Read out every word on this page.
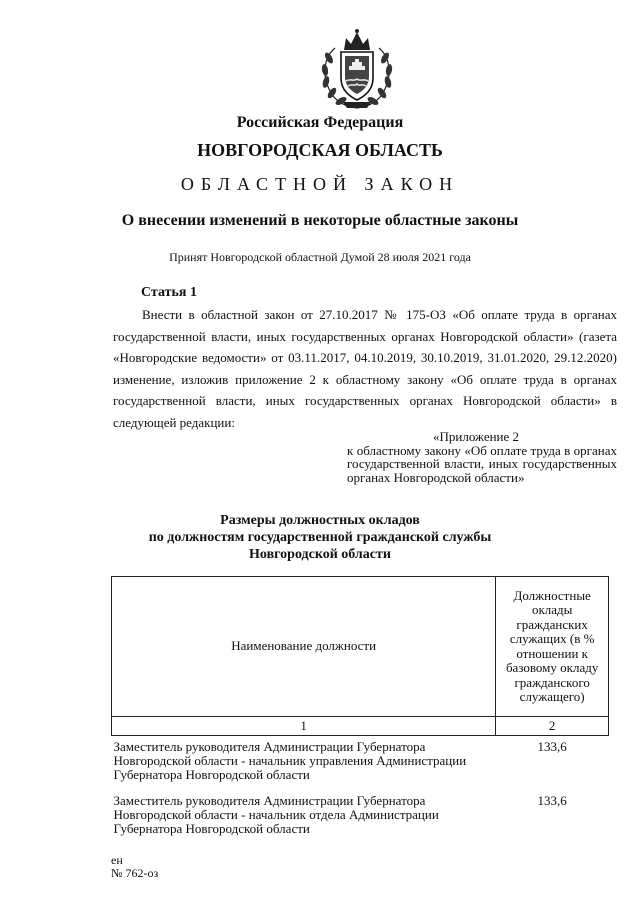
Российская Федерация
НОВГОРОДСКАЯ ОБЛАСТЬ
ОБЛАСТНОЙ ЗАКОН
О внесении изменений в некоторые областные законы
Принят Новгородской областной Думой 28 июля 2021 года
Статья 1
Внести в областной закон от 27.10.2017 № 175-ОЗ «Об оплате труда в органах государственной власти, иных государственных органах Новгородской области» (газета «Новгородские ведомости» от 03.11.2017, 04.10.2019, 30.10.2019, 31.01.2020, 29.12.2020) изменение, изложив приложение 2 к областному закону «Об оплате труда в органах государственной власти, иных государственных органах Новгородской области» в следующей редакции:
«Приложение 2
к областному закону «Об оплате труда в органах государственной власти, иных государственных органах Новгородской области»
Размеры должностных окладов
по должностям государственной гражданской службы
Новгородской области
Наименование должности	Должностные оклады гражданских служащих (в % отношении к базовому окладу гражданского служащего)
1	2
Заместитель руководителя Администрации Губернатора Новгородской области - начальник управления Администрации Губернатора Новгородской области	133,6
Заместитель руководителя Администрации Губернатора Новгородской области - начальник отдела Администрации Губернатора Новгородской области	133,6
ен
№ 762-оз
